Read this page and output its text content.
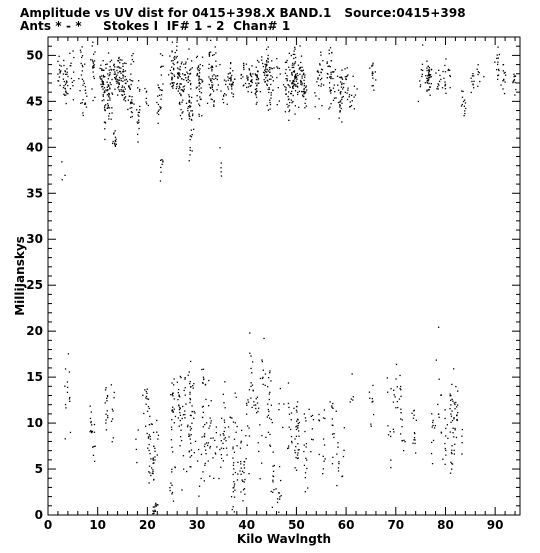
Amplitude vs UV dist for 0415+398.X BAND.1   Source:0415+398
Ants * - *     Stokes I  IF# 1 - 2  Chan# 1
0	10	20	30	40	50	60	70	80	90
0
5
10
15
20
25
30
35
40
45
50
Kilo Wavlngth
MilliJanskys
